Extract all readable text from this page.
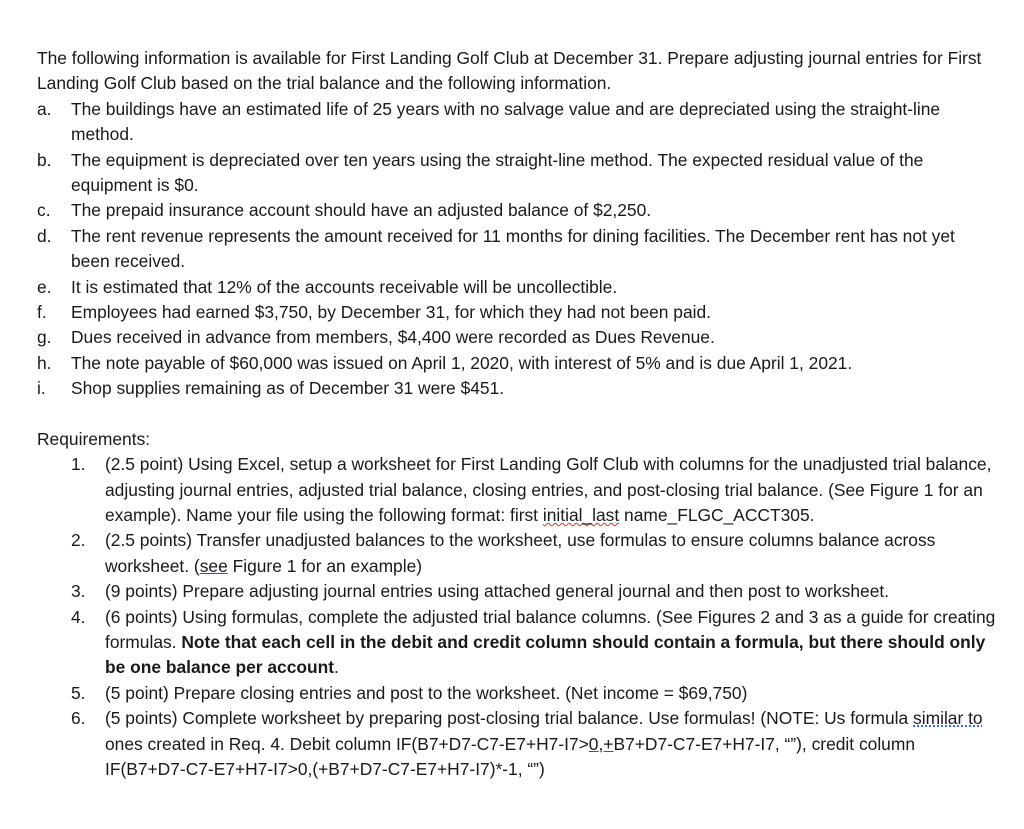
The following information is available for First Landing Golf Club at December 31. Prepare adjusting journal entries for First Landing Golf Club based on the trial balance and the following information.

a. The buildings have an estimated life of 25 years with no salvage value and are depreciated using the straight-line method.
b. The equipment is depreciated over ten years using the straight-line method. The expected residual value of the equipment is $0.
c. The prepaid insurance account should have an adjusted balance of $2,250.
d. The rent revenue represents the amount received for 11 months for dining facilities. The December rent has not yet been received.
e. It is estimated that 12% of the accounts receivable will be uncollectible.
f. Employees had earned $3,750, by December 31, for which they had not been paid.
g. Dues received in advance from members, $4,400 were recorded as Dues Revenue.
h. The note payable of $60,000 was issued on April 1, 2020, with interest of 5% and is due April 1, 2021.
i. Shop supplies remaining as of December 31 were $451.
Requirements:
1. (2.5 point) Using Excel, setup a worksheet for First Landing Golf Club with columns for the unadjusted trial balance, adjusting journal entries, adjusted trial balance, closing entries, and post-closing trial balance. (See Figure 1 for an example). Name your file using the following format: first initial_last name_FLGC_ACCT305.
2. (2.5 points) Transfer unadjusted balances to the worksheet, use formulas to ensure columns balance across worksheet. (see Figure 1 for an example)
3. (9 points) Prepare adjusting journal entries using attached general journal and then post to worksheet.
4. (6 points) Using formulas, complete the adjusted trial balance columns. (See Figures 2 and 3 as a guide for creating formulas. Note that each cell in the debit and credit column should contain a formula, but there should only be one balance per account.
5. (5 point) Prepare closing entries and post to the worksheet. (Net income = $69,750)
6. (5 points) Complete worksheet by preparing post-closing trial balance. Use formulas! (NOTE: Us formula similar to ones created in Req. 4. Debit column IF(B7+D7-C7-E7+H7-I7>0,+B7+D7-C7-E7+H7-I7, “”), credit column IF(B7+D7-C7-E7+H7-I7>0,(+B7+D7-C7-E7+H7-I7)*-1, “”)
